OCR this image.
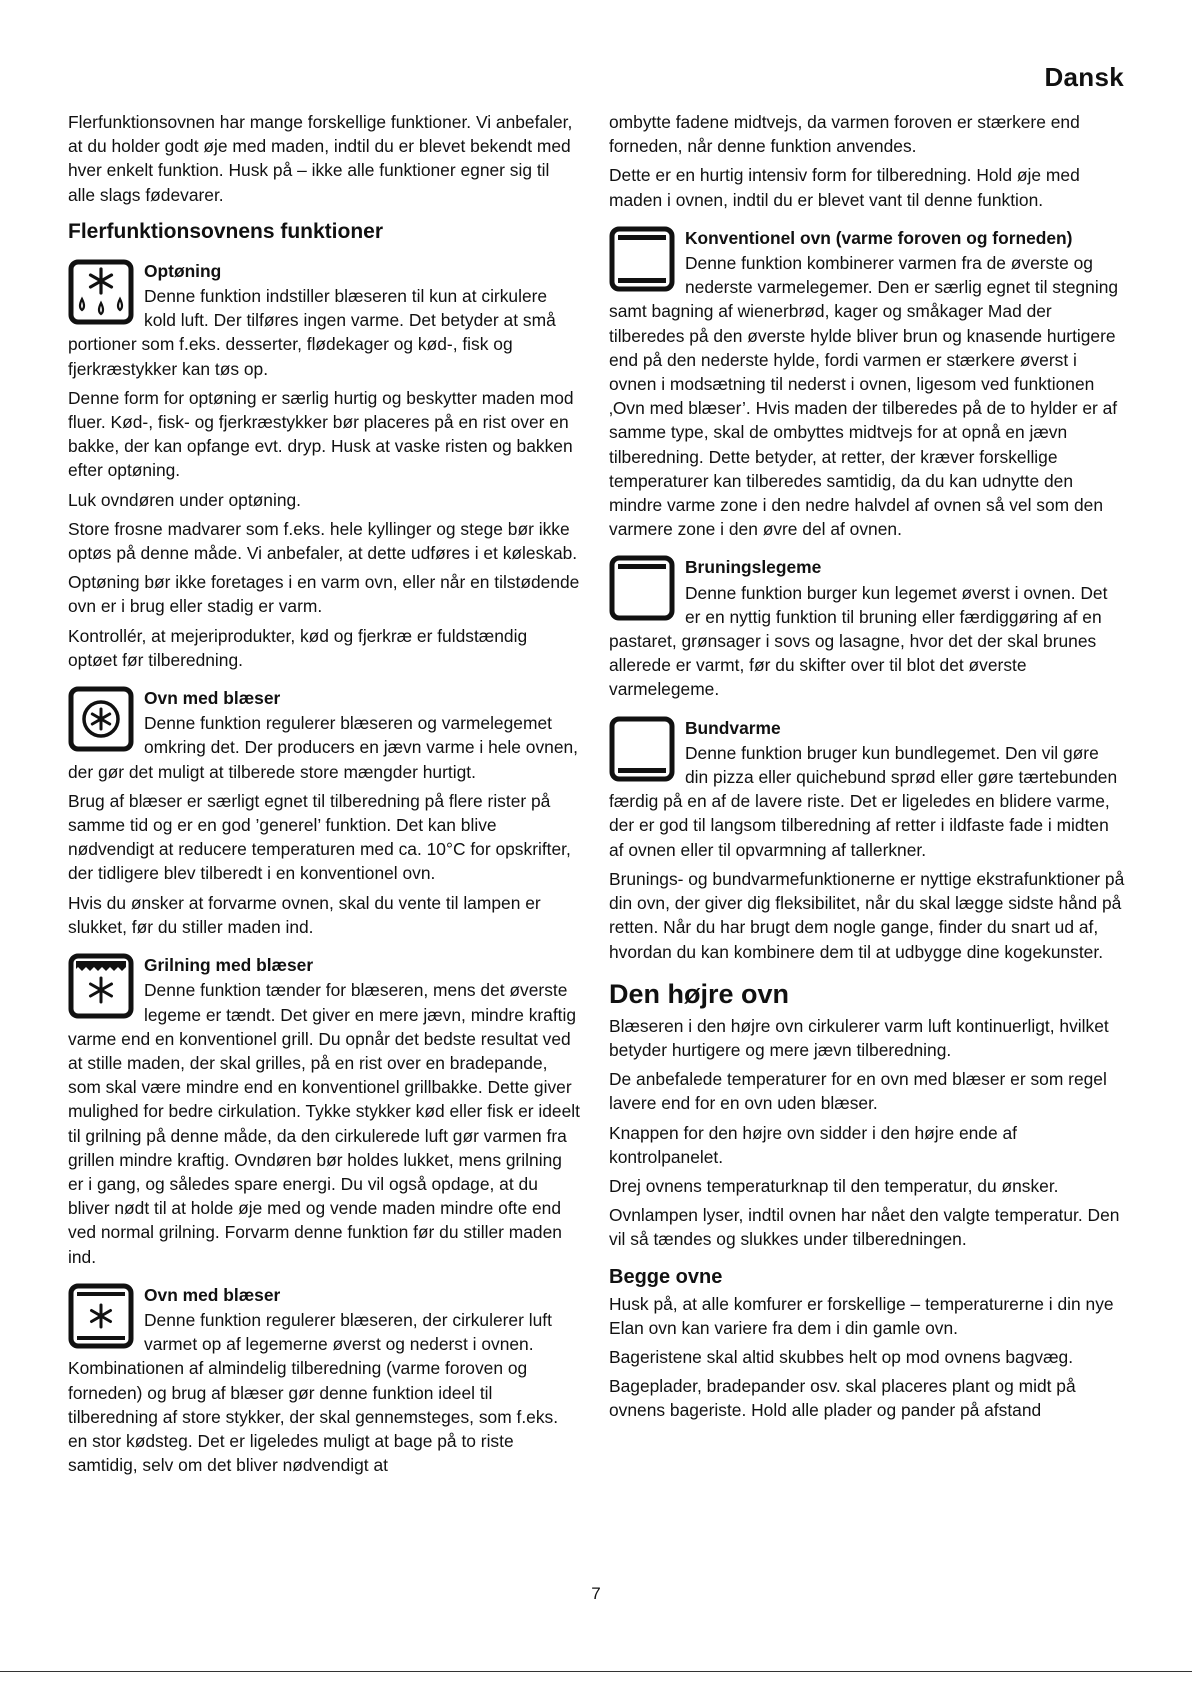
Dansk

Flerfunktionsovnen har mange forskellige funktioner. Vi anbefaler, at du holder godt øje med maden, indtil du er blevet bekendt med hver enkelt funktion. Husk på – ikke alle funktioner egner sig til alle slags fødevarer.

Flerfunktionsovnens funktioner
Optøning
Denne funktion indstiller blæseren til kun at cirkulere kold luft. Der tilføres ingen varme. Det betyder at små portioner som f.eks. desserter, flødekager og kød-, fisk og fjerkræstykker kan tøs op.

Denne form for optøning er særlig hurtig og beskytter maden mod fluer. Kød-, fisk- og fjerkræstykker bør placeres på en rist over en bakke, der kan opfange evt. dryp. Husk at vaske risten og bakken efter optøning.

Luk ovndøren under optøning.

Store frosne madvarer som f.eks. hele kyllinger og stege bør ikke optøs på denne måde. Vi anbefaler, at dette udføres i et køleskab.

Optøning bør ikke foretages i en varm ovn, eller når en tilstødende ovn er i brug eller stadig er varm.

Kontrollér, at mejeriprodukter, kød og fjerkræ er fuldstændig optøet før tilberedning.

Ovn med blæser
Denne funktion regulerer blæseren og varmelegemet omkring det. Der producers en jævn varme i hele ovnen, der gør det muligt at tilberede store mængder hurtigt.

Brug af blæser er særligt egnet til tilberedning på flere rister på samme tid og er en god ’generel’ funktion. Det kan blive nødvendigt at reducere temperaturen med ca. 10°C for opskrifter, der tidligere blev tilberedt i en konventionel ovn.

Hvis du ønsker at forvarme ovnen, skal du vente til lampen er slukket, før du stiller maden ind.

Grilning med blæser
Denne funktion tænder for blæseren, mens det øverste legeme er tændt. Det giver en mere jævn, mindre kraftig varme end en konventionel grill. Du opnår det bedste resultat ved at stille maden, der skal grilles, på en rist over en bradepande, som skal være mindre end en konventionel grillbakke. Dette giver mulighed for bedre cirkulation. Tykke stykker kød eller fisk er ideelt til grilning på denne måde, da den cirkulerede luft gør varmen fra grillen mindre kraftig. Ovndøren bør holdes lukket, mens grilning er i gang, og således spare energi. Du vil også opdage, at du bliver nødt til at holde øje med og vende maden mindre ofte end ved normal grilning. Forvarm denne funktion før du stiller maden ind.
Ovn med blæser
Denne funktion regulerer blæseren, der cirkulerer luft varmet op af legemerne øverst og nederst i ovnen. Kombinationen af almindelig tilberedning (varme foroven og forneden) og brug af blæser gør denne funktion ideel til tilberedning af store stykker, der skal gennemsteges, som f.eks. en stor kødsteg. Det er ligeledes muligt at bage på to riste samtidig, selv om det bliver nødvendigt at

ombytte fadene midtvejs, da varmen foroven er stærkere end forneden, når denne funktion anvendes.

Dette er en hurtig intensiv form for tilberedning. Hold øje med maden i ovnen, indtil du er blevet vant til denne funktion.

Konventionel ovn (varme foroven og forneden)
Denne funktion kombinerer varmen fra de øverste og nederste varmelegemer. Den er særlig egnet til stegning samt bagning af wienerbrød, kager og småkager Mad der tilberedes på den øverste hylde bliver brun og knasende hurtigere end på den nederste hylde, fordi varmen er stærkere øverst i ovnen i modsætning til nederst i ovnen, ligesom ved funktionen ‚Ovn med blæser’. Hvis maden der tilberedes på de to hylder er af samme type, skal de ombyttes midtvejs for at opnå en jævn tilberedning. Dette betyder, at retter, der kræver forskellige temperaturer kan tilberedes samtidig, da du kan udnytte den mindre varme zone i den nedre halvdel af ovnen så vel som den varmere zone i den øvre del af ovnen.
Bruningslegeme
Denne funktion burger kun legemet øverst i ovnen. Det er en nyttig funktion til bruning eller færdiggøring af en pastaret, grønsager i sovs og lasagne, hvor det der skal brunes allerede er varmt, før du skifter over til blot det øverste varmelegeme.
Bundvarme
Denne funktion bruger kun bundlegemet. Den vil gøre din pizza eller quichebund sprød eller gøre tærtebunden færdig på en af de lavere riste. Det er ligeledes en blidere varme, der er god til langsom tilberedning af retter i ildfaste fade i midten af ovnen eller til opvarmning af tallerkner.

Brunings- og bundvarmefunktionerne er nyttige ekstrafunktioner på din ovn, der giver dig fleksibilitet, når du skal lægge sidste hånd på retten. Når du har brugt dem nogle gange, finder du snart ud af, hvordan du kan kombinere dem til at udbygge dine kogekunster.

Den højre ovn

Blæseren i den højre ovn cirkulerer varm luft kontinuerligt, hvilket betyder hurtigere og mere jævn tilberedning.

De anbefalede temperaturer for en ovn med blæser er som regel lavere end for en ovn uden blæser.

Knappen for den højre ovn sidder i den højre ende af kontrolpanelet.

Drej ovnens temperaturknap til den temperatur, du ønsker.

Ovnlampen lyser, indtil ovnen har nået den valgte temperatur. Den vil så tændes og slukkes under tilberedningen.

Begge ovne

Husk på, at alle komfurer er forskellige – temperaturerne i din nye Elan ovn kan variere fra dem i din gamle ovn.

Bageristene skal altid skubbes helt op mod ovnens bagvæg.

Bageplader, bradepander osv. skal placeres plant og midt på ovnens bageriste. Hold alle plader og pander på afstand

7
